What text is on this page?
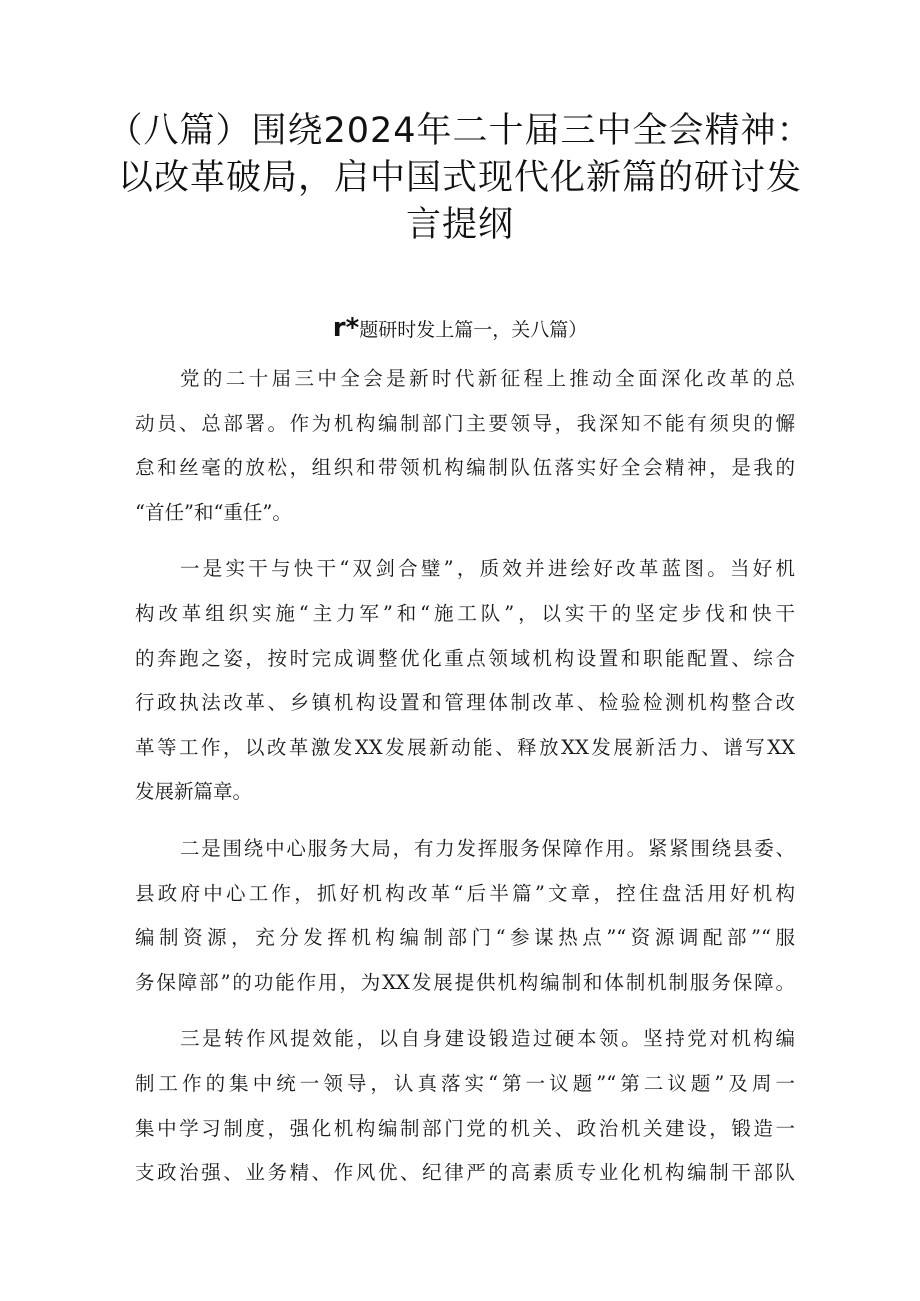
（八篇）围绕2024年二十届三中全会精神：
以改革破局，启中国式现代化新篇的研讨发
言提纲
r*题研时发上篇一，关八篇）
党的二十届三中全会是新时代新征程上推动全面深化改革的总
动员、总部署。作为机构编制部门主要领导，我深知不能有须臾的懈
怠和丝毫的放松，组织和带领机构编制队伍落实好全会精神，是我的
“首任”和“重任”。
一是实干与快干“双剑合璧”，质效并进绘好改革蓝图。当好机
构改革组织实施“主力军”和“施工队”，以实干的坚定步伐和快干
的奔跑之姿，按时完成调整优化重点领域机构设置和职能配置、综合
行政执法改革、乡镇机构设置和管理体制改革、检验检测机构整合改
革等工作，以改革激发XX发展新动能、释放XX发展新活力、谱写XX
发展新篇章。
二是围绕中心服务大局，有力发挥服务保障作用。紧紧围绕县委、
县政府中心工作，抓好机构改革“后半篇”文章，控住盘活用好机构
编制资源，充分发挥机构编制部门“参谋热点”“资源调配部”“服
务保障部”的功能作用，为XX发展提供机构编制和体制机制服务保障。
三是转作风提效能，以自身建设锻造过硬本领。坚持党对机构编
制工作的集中统一领导，认真落实“第一议题”“第二议题”及周一
集中学习制度，强化机构编制部门党的机关、政治机关建设，锻造一
支政治强、业务精、作风优、纪律严的高素质专业化机构编制干部队
